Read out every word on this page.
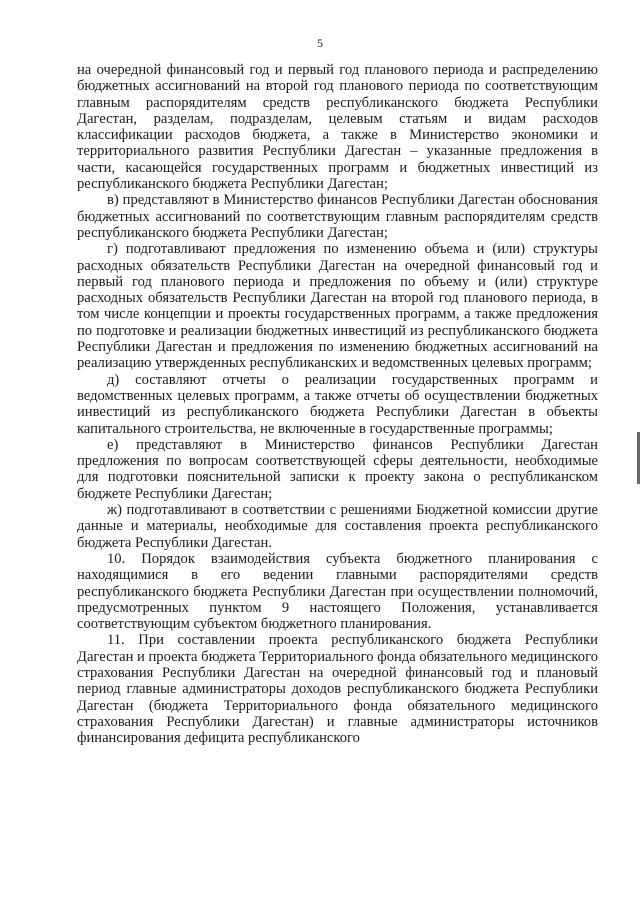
5

на очередной финансовый год и первый год планового периода и распределению бюджетных ассигнований на второй год планового периода по соответствующим главным распорядителям средств республиканского бюджета Республики Дагестан, разделам, подразделам, целевым статьям и видам расходов классификации расходов бюджета, а также в Министерство экономики и территориального развития Республики Дагестан – указанные предложения в части, касающейся государственных программ и бюджетных инвестиций из республиканского бюджета Республики Дагестан;

в) представляют в Министерство финансов Республики Дагестан обоснования бюджетных ассигнований по соответствующим главным распорядителям средств республиканского бюджета Республики Дагестан;

г) подготавливают предложения по изменению объема и (или) структуры расходных обязательств Республики Дагестан на очередной финансовый год и первый год планового периода и предложения по объему и (или) структуре расходных обязательств Республики Дагестан на второй год планового периода, в том числе концепции и проекты государственных программ, а также предложения по подготовке и реализации бюджетных инвестиций из республиканского бюджета Республики Дагестан и предложения по изменению бюджетных ассигнований на реализацию утвержденных республиканских и ведомственных целевых программ;

д) составляют отчеты о реализации государственных программ и ведомственных целевых программ, а также отчеты об осуществлении бюджетных инвестиций из республиканского бюджета Республики Дагестан в объекты капитального строительства, не включенные в государственные программы;

е) представляют в Министерство финансов Республики Дагестан предложения по вопросам соответствующей сферы деятельности, необходимые для подготовки пояснительной записки к проекту закона о республиканском бюджете Республики Дагестан;

ж) подготавливают в соответствии с решениями Бюджетной комиссии другие данные и материалы, необходимые для составления проекта республиканского бюджета Республики Дагестан.

10. Порядок взаимодействия субъекта бюджетного планирования с находящимися в его ведении главными распорядителями средств республиканского бюджета Республики Дагестан при осуществлении полномочий, предусмотренных пунктом 9 настоящего Положения, устанавливается соответствующим субъектом бюджетного планирования.

11. При составлении проекта республиканского бюджета Республики Дагестан и проекта бюджета Территориального фонда обязательного медицинского страхования Республики Дагестан на очередной финансовый год и плановый период главные администраторы доходов республиканского бюджета Республики Дагестан (бюджета Территориального фонда обязательного медицинского страхования Республики Дагестан) и главные администраторы источников финансирования дефицита республиканского
